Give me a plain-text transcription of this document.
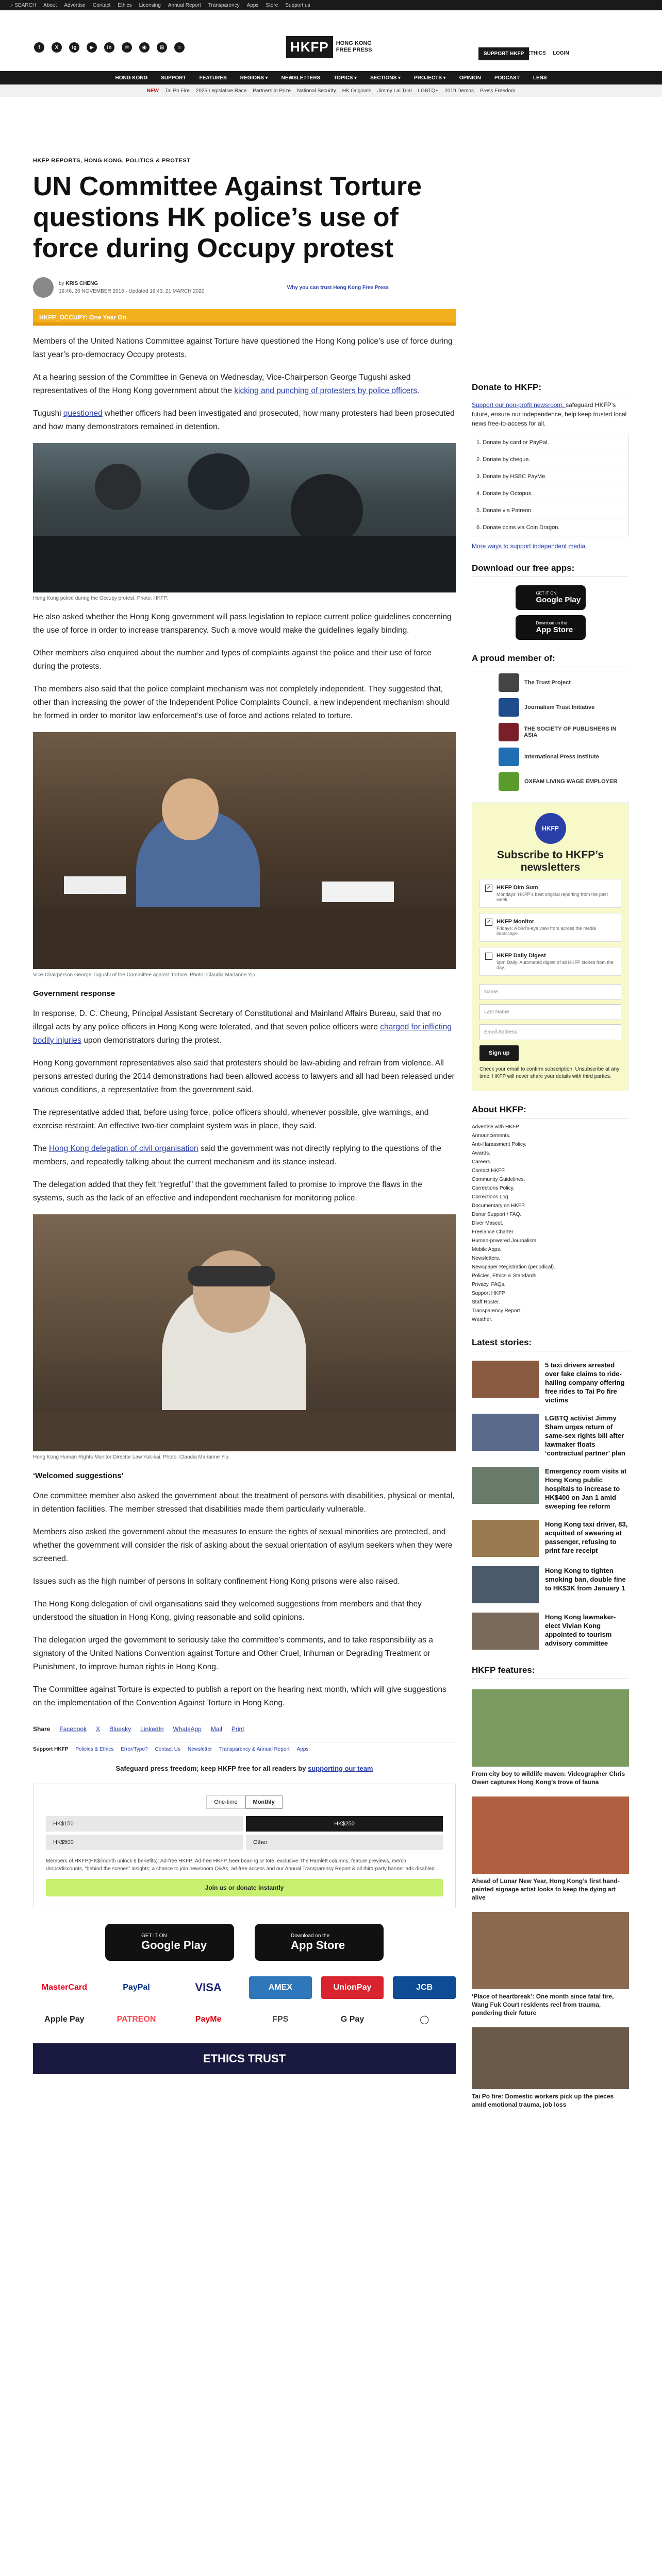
⌕ SEARCH About Advertise Contact Ethics Licensing Annual Report Transparency Apps Store Support us
f	X	ig	▶	in	✉	◉	⊞	≡	HKFP	HONG KONG
FREE PRESS
SUPPORT HKFP ETHICS LOGIN
HONG KONG	SUPPORT	FEATURES	REGIONS ▾	NEWSLETTERS	TOPICS ▾	SECTIONS ▾	PROJECTS ▾	OPINION	PODCAST	LENS
NEW Tai Po Fire 2025 Legislative Race Partners in Prize National Security HK Originals Jimmy Lai Trial LGBTQ+ 2019 Demos Press Freedom
HKFP REPORTS, HONG KONG, POLITICS & PROTEST
UN Committee Against Torture questions HK police’s use of force during Occupy protest
by KRIS CHENG
19:46, 20 NOVEMBER 2015 · Updated 19:43, 21 MARCH 2020
Why you can trust Hong Kong Free Press
HKFP_OCCUPY: One Year On

Members of the United Nations Committee against Torture have questioned the Hong Kong police’s use of force during last year’s pro-democracy Occupy protests.

At a hearing session of the Committee in Geneva on Wednesday, Vice-Chairperson George Tugushi asked representatives of the Hong Kong government about the kicking and punching of protesters by police officers.

Tugushi questioned whether officers had been investigated and prosecuted, how many protesters had been prosecuted and how many demonstrators remained in detention.

Hong Kong police during the Occupy protest. Photo: HKFP.

He also asked whether the Hong Kong government will pass legislation to replace current police guidelines concerning the use of force in order to increase transparency. Such a move would make the guidelines legally binding.

Other members also enquired about the number and types of complaints against the police and their use of force during the protests.

The members also said that the police complaint mechanism was not completely independent. They suggested that, other than increasing the power of the Independent Police Complaints Council, a new independent mechanism should be formed in order to monitor law enforcement’s use of force and actions related to torture.

Vice-Chairperson George Tugushi of the Committee against Torture. Photo: Claudia Marianne Yip.
Government response

In response, D. C. Cheung, Principal Assistant Secretary of Constitutional and Mainland Affairs Bureau, said that no illegal acts by any police officers in Hong Kong were tolerated, and that seven police officers were charged for inflicting bodily injuries upon demonstrators during the protest.

Hong Kong government representatives also said that protesters should be law-abiding and refrain from violence. All persons arrested during the 2014 demonstrations had been allowed access to lawyers and all had been released under various conditions, a representative from the government said.

The representative added that, before using force, police officers should, whenever possible, give warnings, and exercise restraint. An effective two-tier complaint system was in place, they said.

The Hong Kong delegation of civil organisation said the government was not directly replying to the questions of the members, and repeatedly talking about the current mechanism and its stance instead.

The delegation added that they felt “regretful” that the government failed to promise to improve the flaws in the systems, such as the lack of an effective and independent mechanism for monitoring police.

Hong Kong Human Rights Monitor Director Law Yuk-kai. Photo: Claudia Marianne Yip.
‘Welcomed suggestions’

One committee member also asked the government about the treatment of persons with disabilities, physical or mental, in detention facilities. The member stressed that disabilities made them particularly vulnerable.

Members also asked the government about the measures to ensure the rights of sexual minorities are protected, and whether the government will consider the risk of asking about the sexual orientation of asylum seekers when they were screened.

Issues such as the high number of persons in solitary confinement Hong Kong prisons were also raised.

The Hong Kong delegation of civil organisations said they welcomed suggestions from members and that they understood the situation in Hong Kong, giving reasonable and solid opinions.

The delegation urged the government to seriously take the committee’s comments, and to take responsibility as a signatory of the United Nations Convention against Torture and Other Cruel, Inhuman or Degrading Treatment or Punishment, to improve human rights in Hong Kong.

The Committee against Torture is expected to publish a report on the hearing next month, which will give suggestions on the implementation of the Convention Against Torture in Hong Kong.

Share Facebook X Bluesky LinkedIn WhatsApp Mail Print
Support HKFP Policies & Ethics Error/Typo? Contact Us Newsletter Transparency & Annual Report Apps
Safeguard press freedom; keep HKFP free for all readers by supporting our team
One-time	Monthly
HK$150	HK$250
HK$500	Other
Members of HKFP(HK$/month unlock 6 benefits): Ad-free HKFP: Ad-free HKFP, beer bearing or tote, exclusive The Hamlett columns, feature previews, merch drops/discounts, “behind the scenes” insights; a chance to join newsroom Q&As, ad-free access and our Annual Transparency Report & all third-party banner ads disabled.
Join us or donate instantly
GET IT ON
Google Play
Download on the
App Store
MasterCard	PayPal	VISA	AMEX	UnionPay	JCB
Apple Pay	PATREON	PayMe	FPS	G Pay	◯
ETHICS TRUST
Donate to HKFP:
Support our non-profit newsroom: safeguard HKFP’s future, ensure our independence, help keep trusted local news free-to-access for all.
1. Donate by card or PayPal.
2. Donate by cheque.
3. Donate by HSBC PayMe.
4. Donate by Octopus.
5. Donate via Patreon.
6. Donate coins via Coin Dragon.
More ways to support independent media.
Download our free apps:
GET IT ON
Google Play
Download on the
App Store
A proud member of:
The Trust Project
Journalism Trust Initiative
THE SOCIETY OF PUBLISHERS IN ASIA
International Press Institute
OXFAM LIVING WAGE EMPLOYER
HKFP
Subscribe to HKFP’s newsletters
✓ HKFP Dim Sum
Mondays: HKFP’s best original reporting from the past week.
✓ HKFP Monitor
Fridays: A bird’s-eye view from across the media landscape.
HKFP Daily Digest
9pm Daily: Automated digest of all HKFP stories from the day.
Name
Last Name
Email Address
Sign up
Check your email to confirm subscription. Unsubscribe at any time. HKFP will never share your details with third parties.
About HKFP:
Advertise with HKFP.
Announcements.
Anti-Harassment Policy.
Awards.
Careers.
Contact HKFP.
Community Guidelines.
Corrections Policy.
Corrections Log.
Documentary on HKFP.
Donor Support / FAQ.
Diver Mascot.
Freelance Charter.
Human-powered Journalism.
Mobile Apps.
Newsletters.
Newspaper Registration (periodical).
Policies, Ethics & Standards.
Privacy, FAQs.
Support HKFP.
Staff Roster.
Transparency Report.
Weather.
Latest stories:
5 taxi drivers arrested over fake claims to ride-hailing company offering free rides to Tai Po fire victims
LGBTQ activist Jimmy Sham urges return of same-sex rights bill after lawmaker floats ‘contractual partner’ plan
Emergency room visits at Hong Kong public hospitals to increase to HK$400 on Jan 1 amid sweeping fee reform
Hong Kong taxi driver, 83, acquitted of swearing at passenger, refusing to print fare receipt
Hong Kong to tighten smoking ban, double fine to HK$3K from January 1
Hong Kong lawmaker-elect Vivian Kong appointed to tourism advisory committee
HKFP features:
From city boy to wildlife maven: Videographer Chris Owen captures Hong Kong’s trove of fauna
Ahead of Lunar New Year, Hong Kong’s first hand-painted signage artist looks to keep the dying art alive
‘Place of heartbreak’: One month since fatal fire, Wang Fuk Court residents reel from trauma, pondering their future
Tai Po fire: Domestic workers pick up the pieces amid emotional trauma, job loss
